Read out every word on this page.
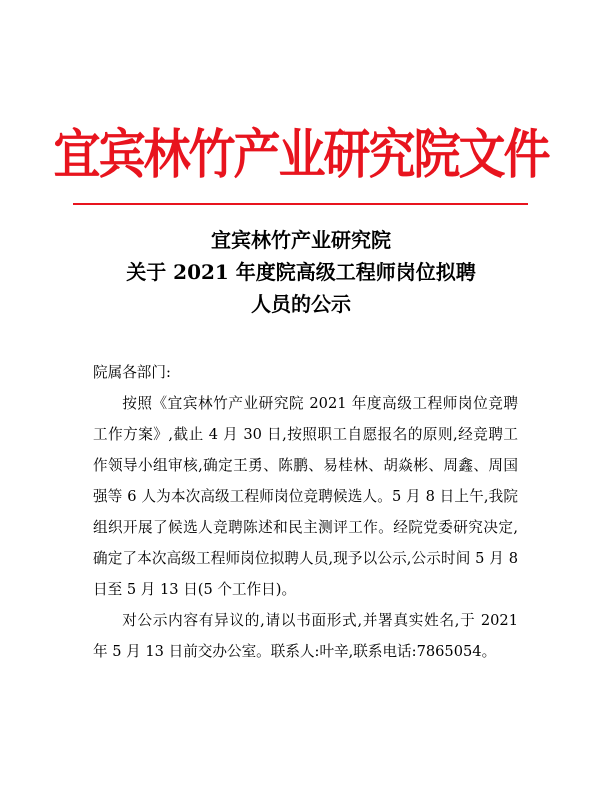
宜宾林竹产业研究院文件
宜宾林竹产业研究院
关于 2021 年度院高级工程师岗位拟聘
人员的公示
院属各部门:

按照《宜宾林竹产业研究院 2021 年度高级工程师岗位竞聘工作方案》,截止 4 月 30 日,按照职工自愿报名的原则,经竞聘工作领导小组审核,确定王勇、陈鹏、易桂林、胡焱彬、周鑫、周国强等 6 人为本次高级工程师岗位竞聘候选人。5 月 8 日上午,我院组织开展了候选人竞聘陈述和民主测评工作。经院党委研究决定,确定了本次高级工程师岗位拟聘人员,现予以公示,公示时间 5 月 8 日至 5 月 13 日(5 个工作日)。

对公示内容有异议的,请以书面形式,并署真实姓名,于 2021 年 5 月 13 日前交办公室。联系人:叶辛,联系电话:7865054。
